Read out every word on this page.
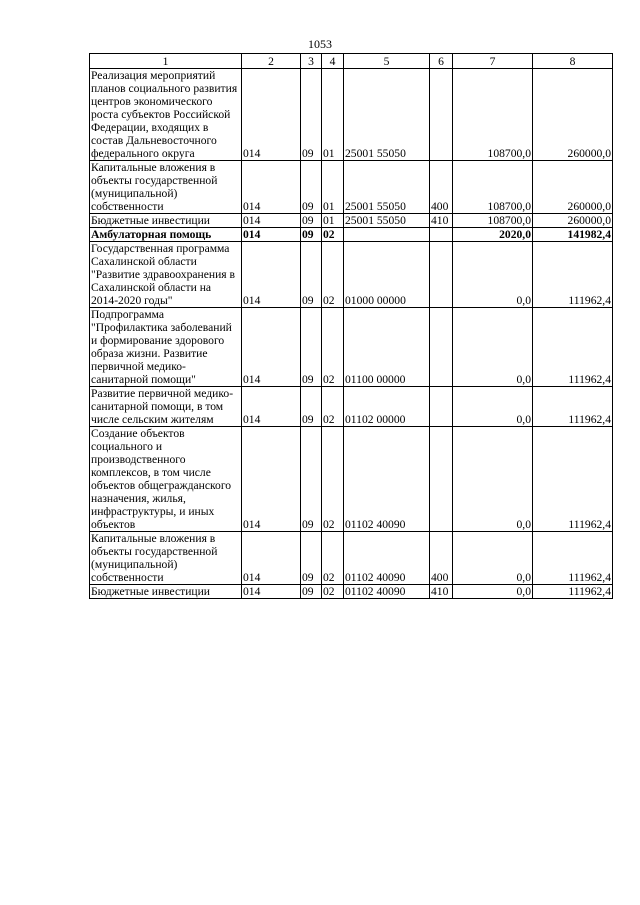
1053
1	2	3	4	5	6	7	8
Реализация мероприятий планов социального развития центров экономического роста субъектов Российской Федерации, входящих в состав Дальневосточного федерального округа	014	09	01	25001 55050		108700,0	260000,0
Капитальные вложения в объекты государственной (муниципальной) собственности	014	09	01	25001 55050	400	108700,0	260000,0
Бюджетные инвестиции	014	09	01	25001 55050	410	108700,0	260000,0
Амбулаторная помощь	014	09	02			2020,0	141982,4
Государственная программа Сахалинской области "Развитие здравоохранения в Сахалинской области на 2014-2020 годы"	014	09	02	01000 00000		0,0	111962,4
Подпрограмма "Профилактика заболеваний и формирование здорового образа жизни. Развитие первичной медико-санитарной помощи"	014	09	02	01100 00000		0,0	111962,4
Развитие первичной медико-санитарной помощи, в том числе сельским жителям	014	09	02	01102 00000		0,0	111962,4
Создание объектов социального и производственного комплексов, в том числе объектов общегражданского назначения, жилья, инфраструктуры, и иных объектов	014	09	02	01102 40090		0,0	111962,4
Капитальные вложения в объекты государственной (муниципальной) собственности	014	09	02	01102 40090	400	0,0	111962,4
Бюджетные инвестиции	014	09	02	01102 40090	410	0,0	111962,4
